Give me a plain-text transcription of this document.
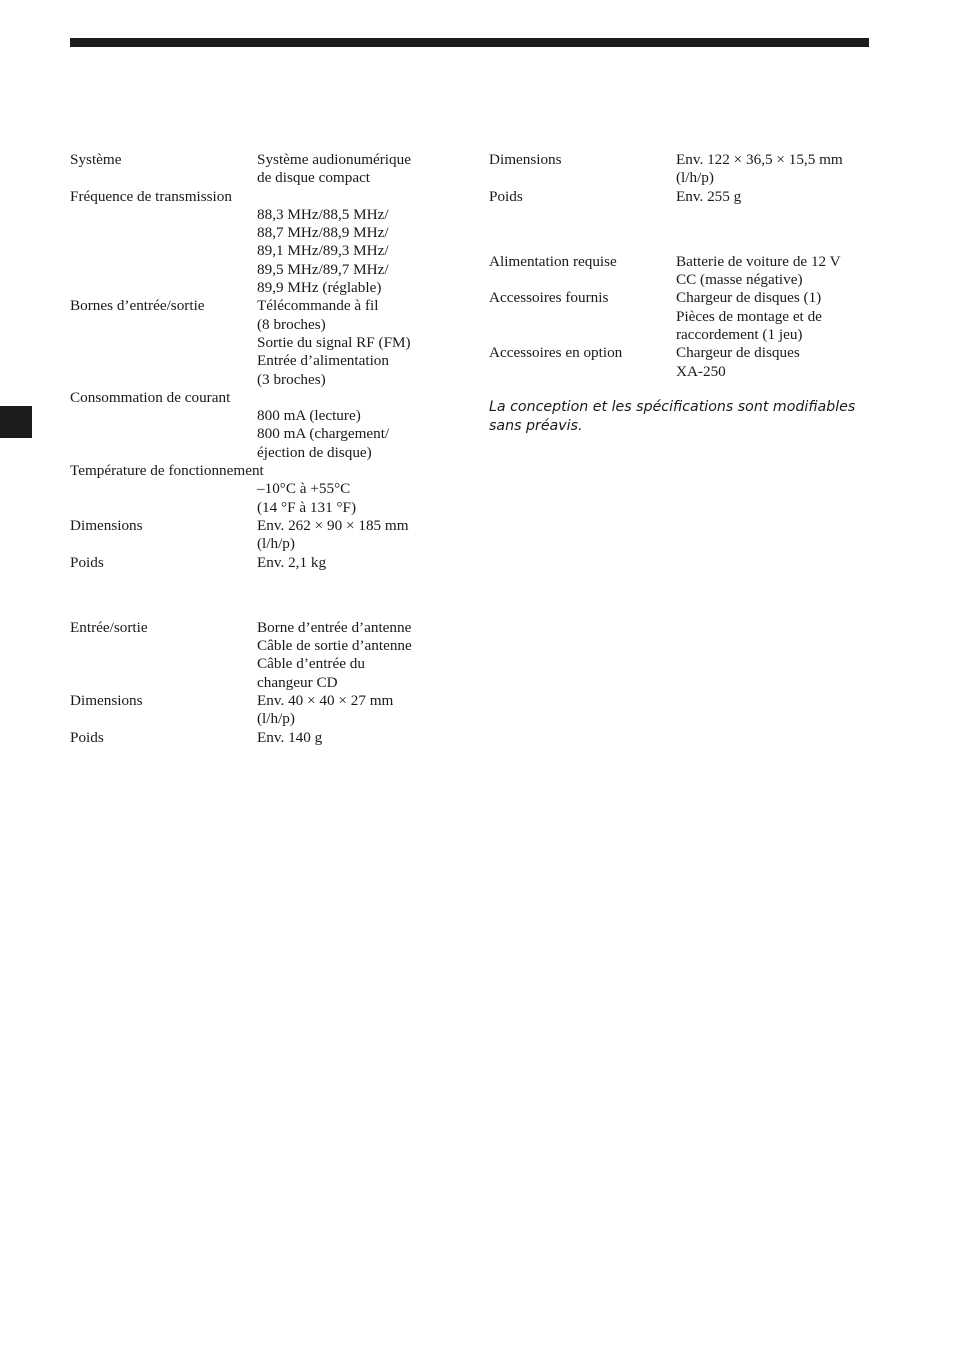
Système	Système audionumérique
de disque compact
Fréquence de transmission
88,3 MHz/88,5 MHz/
88,7 MHz/88,9 MHz/
89,1 MHz/89,3 MHz/
89,5 MHz/89,7 MHz/
89,9 MHz (réglable)
Bornes d’entrée/sortie	Télécommande à fil
(8 broches)
Sortie du signal RF (FM)
Entrée d’alimentation
(3 broches)
Consommation de courant
800 mA (lecture)
800 mA (chargement/
éjection de disque)
Température de fonctionnement
–10°C à +55°C
(14 °F à 131 °F)
Dimensions	Env. 262 × 90 × 185 mm
(l/h/p)
Poids	Env. 2,1 kg
Entrée/sortie	Borne d’entrée d’antenne
Câble de sortie d’antenne
Câble d’entrée du
changeur CD
Dimensions	Env. 40 × 40 × 27 mm
(l/h/p)
Poids	Env. 140 g
Dimensions	Env. 122 × 36,5 × 15,5 mm
(l/h/p)
Poids	Env. 255 g
Alimentation requise	Batterie de voiture de 12 V
CC (masse négative)
Accessoires fournis	Chargeur de disques (1)
Pièces de montage et de
raccordement (1 jeu)
Accessoires en option	Chargeur de disques
XA-250
La conception et les spécifications sont modifiables sans préavis.
